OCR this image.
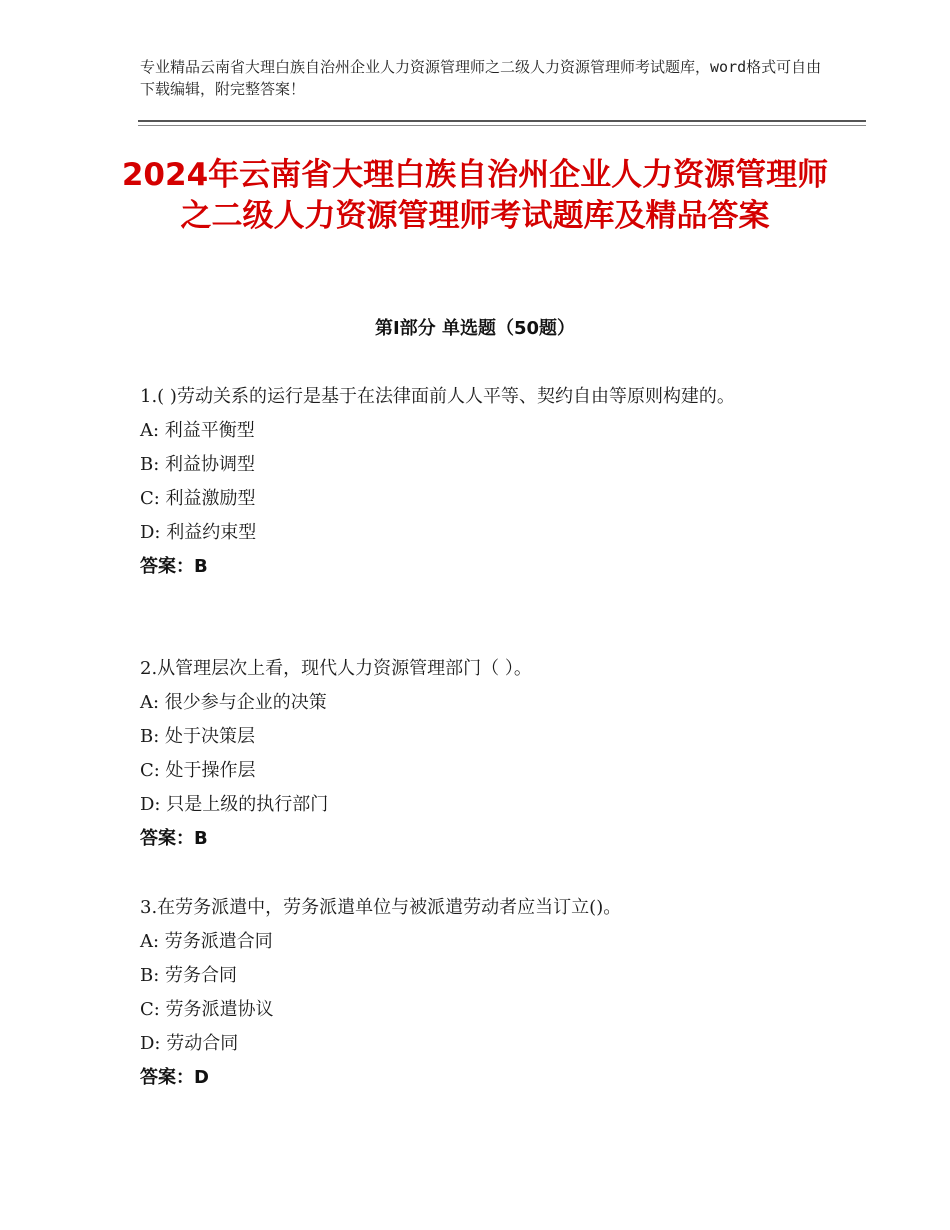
专业精品云南省大理白族自治州企业人力资源管理师之二级人力资源管理师考试题库，word格式可自由下载编辑，附完整答案！
2024年云南省大理白族自治州企业人力资源管理师之二级人力资源管理师考试题库及精品答案
第Ⅰ部分 单选题（50题）
1.( )劳动关系的运行是基于在法律面前人人平等、契约自由等原则构建的。
A: 利益平衡型
B: 利益协调型
C: 利益激励型
D: 利益约束型
答案：B
2.从管理层次上看，现代人力资源管理部门（ ）。
A: 很少参与企业的决策
B: 处于决策层
C: 处于操作层
D: 只是上级的执行部门
答案：B
3.在劳务派遣中，劳务派遣单位与被派遣劳动者应当订立()。
A: 劳务派遣合同
B: 劳务合同
C: 劳务派遣协议
D: 劳动合同
答案：D
